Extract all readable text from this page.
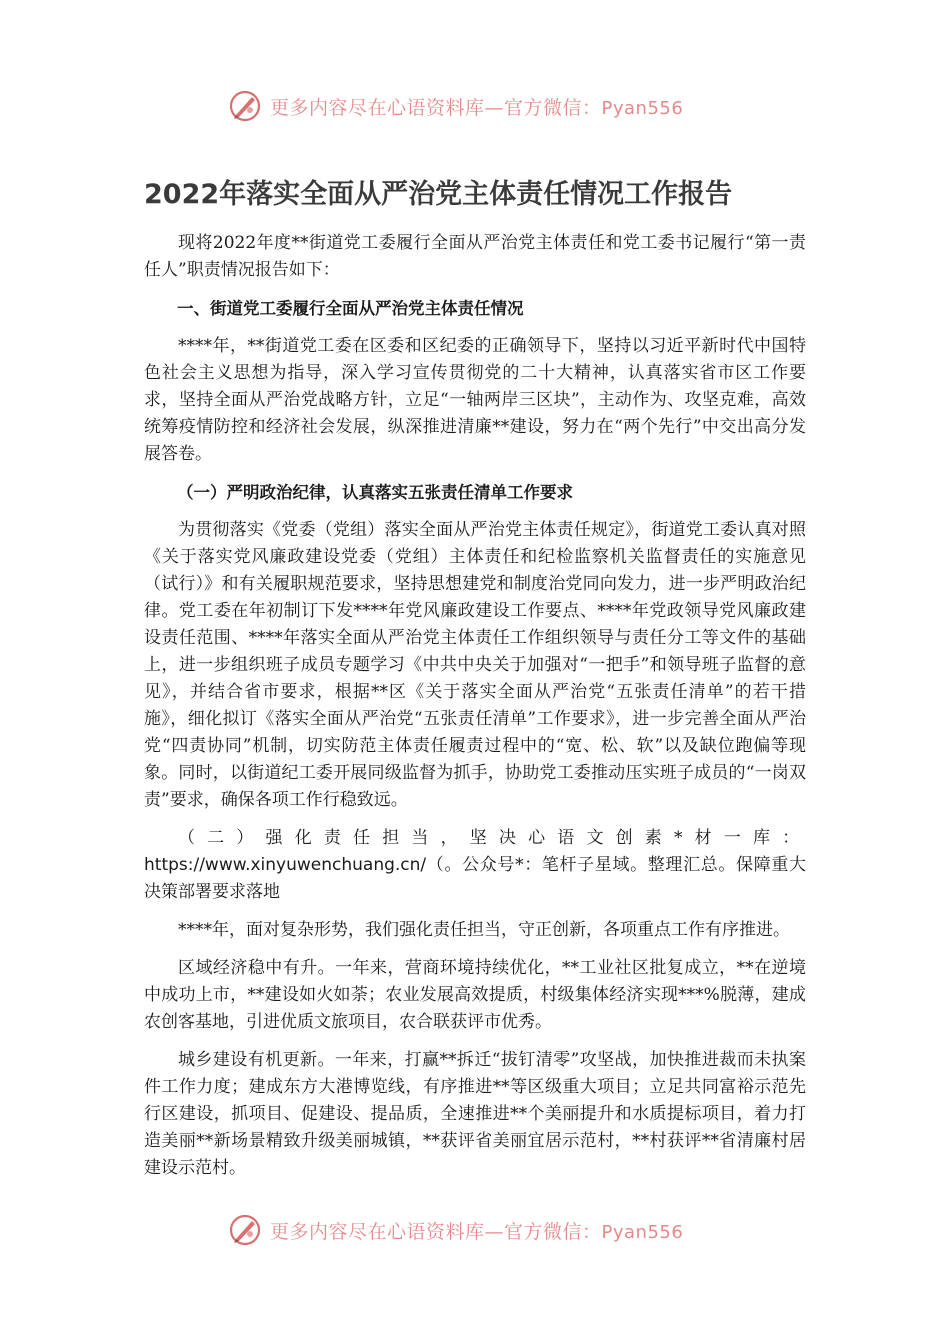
更多内容尽在心语资料库—官方微信：Pyan556
2022年落实全面从严治党主体责任情况工作报告

现将2022年度**街道党工委履行全面从严治党主体责任和党工委书记履行“第一责任人”职责情况报告如下：

一、街道党工委履行全面从严治党主体责任情况

****年，**街道党工委在区委和区纪委的正确领导下，坚持以习近平新时代中国特色社会主义思想为指导，深入学习宣传贯彻党的二十大精神，认真落实省市区工作要求，坚持全面从严治党战略方针，立足“一轴两岸三区块”，主动作为、攻坚克难，高效统筹疫情防控和经济社会发展，纵深推进清廉**建设，努力在“两个先行”中交出高分发展答卷。

（一）严明政治纪律，认真落实五张责任清单工作要求

为贯彻落实《党委（党组）落实全面从严治党主体责任规定》，街道党工委认真对照《关于落实党风廉政建设党委（党组）主体责任和纪检监察机关监督责任的实施意见（试行）》和有关履职规范要求，坚持思想建党和制度治党同向发力，进一步严明政治纪律。党工委在年初制订下发****年党风廉政建设工作要点、****年党政领导党风廉政建设责任范围、****年落实全面从严治党主体责任工作组织领导与责任分工等文件的基础上，进一步组织班子成员专题学习《中共中央关于加强对“一把手”和领导班子监督的意见》，并结合省市要求，根据**区《关于落实全面从严治党“五张责任清单”的若干措施》，细化拟订《落实全面从严治党“五张责任清单”工作要求》，进一步完善全面从严治党“四责协同”机制，切实防范主体责任履责过程中的“宽、松、软”以及缺位跑偏等现象。同时，以街道纪工委开展同级监督为抓手，协助党工委推动压实班子成员的“一岗双责”要求，确保各项工作行稳致远。

（二）强化责任担当，坚决心语文创素*材一库：https://www.xinyuwenchuang.cn/（。公众号*：笔杆子星域。整理汇总。保障重大决策部署要求落地

****年，面对复杂形势，我们强化责任担当，守正创新，各项重点工作有序推进。

区域经济稳中有升。一年来，营商环境持续优化，**工业社区批复成立，**在逆境中成功上市，**建设如火如荼；农业发展高效提质，村级集体经济实现***%脱薄，建成农创客基地，引进优质文旅项目，农合联获评市优秀。

城乡建设有机更新。一年来，打赢**拆迁“拔钉清零”攻坚战，加快推进裁而未执案件工作力度；建成东方大港博览线，有序推进**等区级重大项目；立足共同富裕示范先行区建设，抓项目、促建设、提品质，全速推进**个美丽提升和水质提标项目，着力打造美丽**新场景精致升级美丽城镇，**获评省美丽宜居示范村，**村获评**省清廉村居建设示范村。

更多内容尽在心语资料库—官方微信：Pyan556
